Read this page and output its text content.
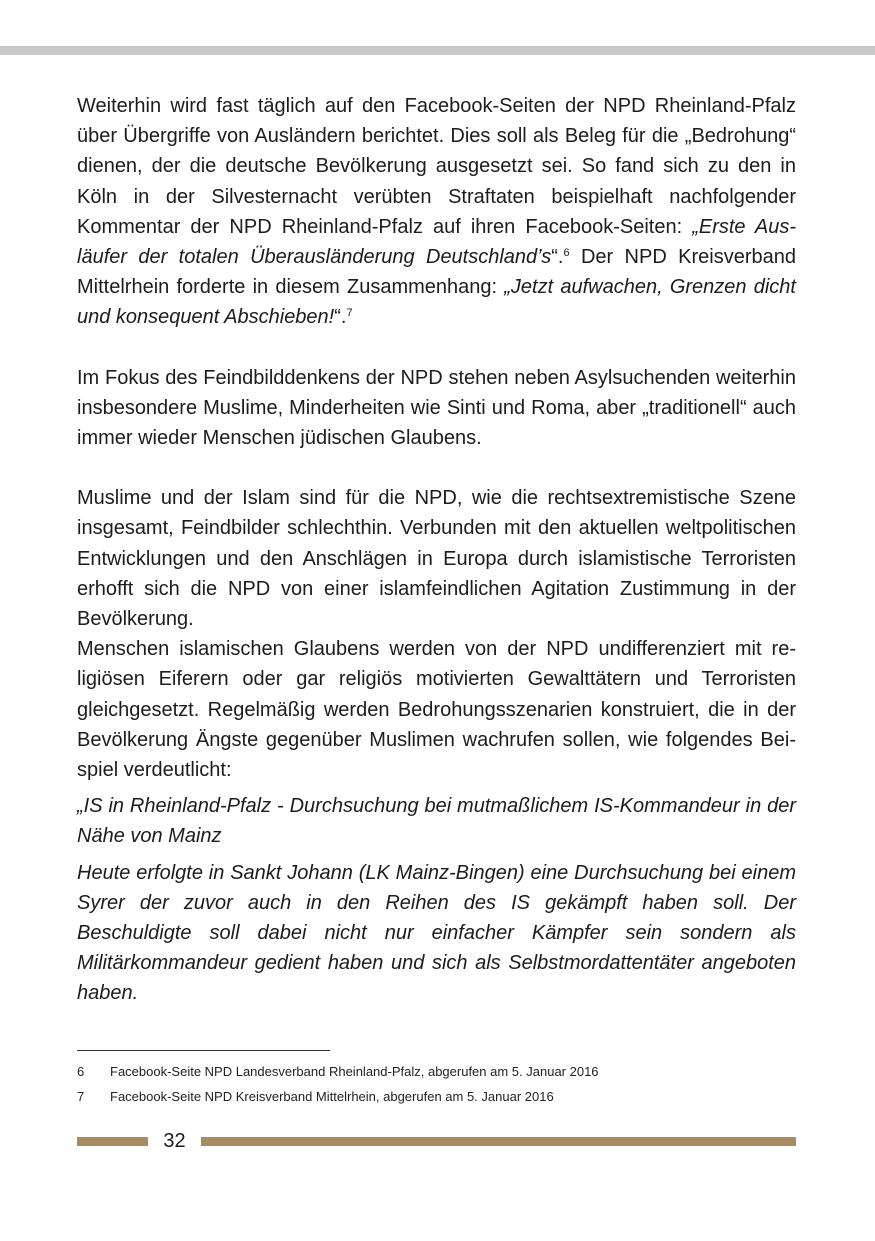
Weiterhin wird fast täglich auf den Facebook-Seiten der NPD Rheinland-Pfalz über Übergriffe von Ausländern berichtet. Dies soll als Beleg für die „Bedrohung“ dienen, der die deutsche Bevölkerung ausgesetzt sei. So fand sich zu den in Köln in der Silvesternacht verübten Straftaten beispielhaft nachfolgender Kommentar der NPD Rheinland-Pfalz auf ihren Facebook-Seiten: „Erste Ausläufer der totalen Überausländerung Deutschland’s“.$^6$ Der NPD Kreisverband Mittelrhein forderte in diesem Zusammenhang: „Jetzt aufwachen, Grenzen dicht und konsequent Abschieben!“.$^7$

Im Fokus des Feindbilddenkens der NPD stehen neben Asylsuchenden weiterhin insbesondere Muslime, Minderheiten wie Sinti und Roma, aber „traditionell“ auch immer wieder Menschen jüdischen Glaubens.

Muslime und der Islam sind für die NPD, wie die rechtsextremistische Szene insgesamt, Feindbilder schlechthin. Verbunden mit den aktuellen weltpolitischen Entwicklungen und den Anschlägen in Europa durch islamistische Terroristen erhofft sich die NPD von einer islamfeindlichen Agitation Zustimmung in der Bevölkerung.

Menschen islamischen Glaubens werden von der NPD undifferenziert mit religiösen Eiferern oder gar religiös motivierten Gewalttätern und Terroristen gleichgesetzt. Regelmäßig werden Bedrohungsszenarien konstruiert, die in der Bevölkerung Ängste gegenüber Muslimen wachrufen sollen, wie folgendes Beispiel verdeutlicht:

„IS in Rheinland-Pfalz - Durchsuchung bei mutmaßlichem IS-Kommandeur in der Nähe von Mainz

Heute erfolgte in Sankt Johann (LK Mainz-Bingen) eine Durchsuchung bei einem Syrer der zuvor auch in den Reihen des IS gekämpft haben soll. Der Beschuldigte soll dabei nicht nur einfacher Kämpfer sein sondern als Militärkommandeur gedient haben und sich als Selbstmordattentäter angeboten haben.

6	Facebook-Seite NPD Landesverband Rheinland-Pfalz, abgerufen am 5. Januar 2016
7	Facebook-Seite NPD Kreisverband Mittelrhein, abgerufen am 5. Januar 2016
32
